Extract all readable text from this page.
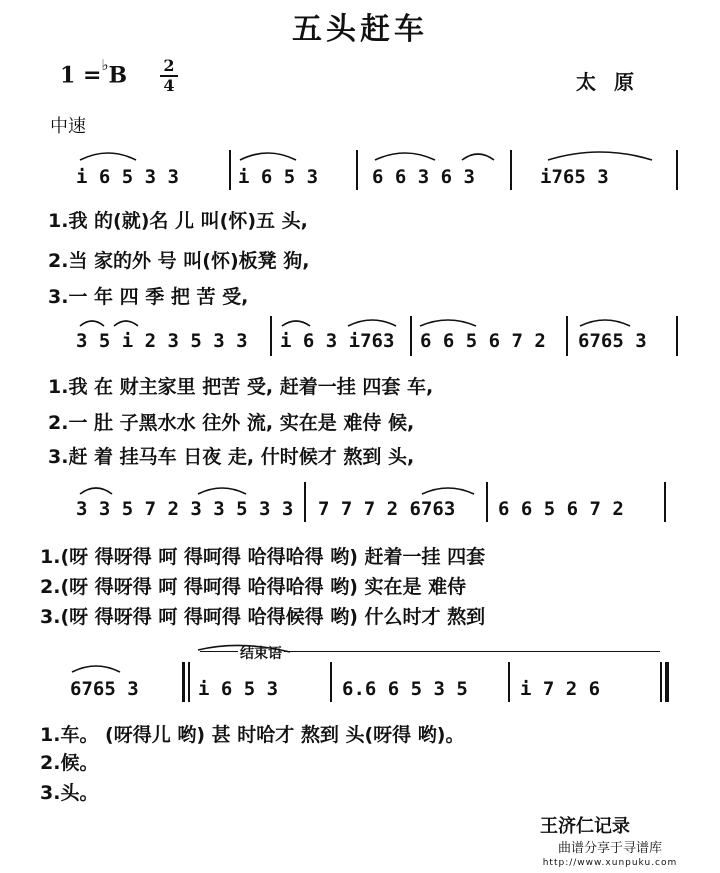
五头赶车
1 =♭B 2
4	太原
中速
i 6 5 3 3	i 6 5 3	6 6 3 6 3	i765 3
1.我 的(就)名 儿 叫(怀)五 头,
2.当 家的外 号 叫(怀)板凳 狗,
3.一 年 四 季 把 苦 受,
3 5 i 2 3 5 3 3 i 6 3 i763 6 6 5 6 7 2 6765 3
1.我 在 财主家里 把苦 受, 赶着一挂 四套 车,
2.一 肚 子黑水水 往外 流, 实在是 难侍 候,
3.赶 着 挂马车 日夜 走, 什时候才 熬到 头,
3 3 5 7 2 3 3 5 3 3 7 7 7 2 6763 6 6 5 6 7 2
1.(呀 得呀得 呵 得呵得 哈得哈得 哟) 赶着一挂 四套
2.(呀 得呀得 呵 得呵得 哈得哈得 哟) 实在是 难侍
3.(呀 得呀得 呵 得呵得 哈得候得 哟) 什么时才 熬到
结束语
6765 3	i 6 5 3	6.6 6 5 3 5	i 7 2 6
1.车。 (呀得儿 哟) 甚 时哈才 熬到 头(呀得 哟)。
2.候。
3.头。
王济仁记录
曲谱分享于寻谱库
http://www.xunpuku.com
